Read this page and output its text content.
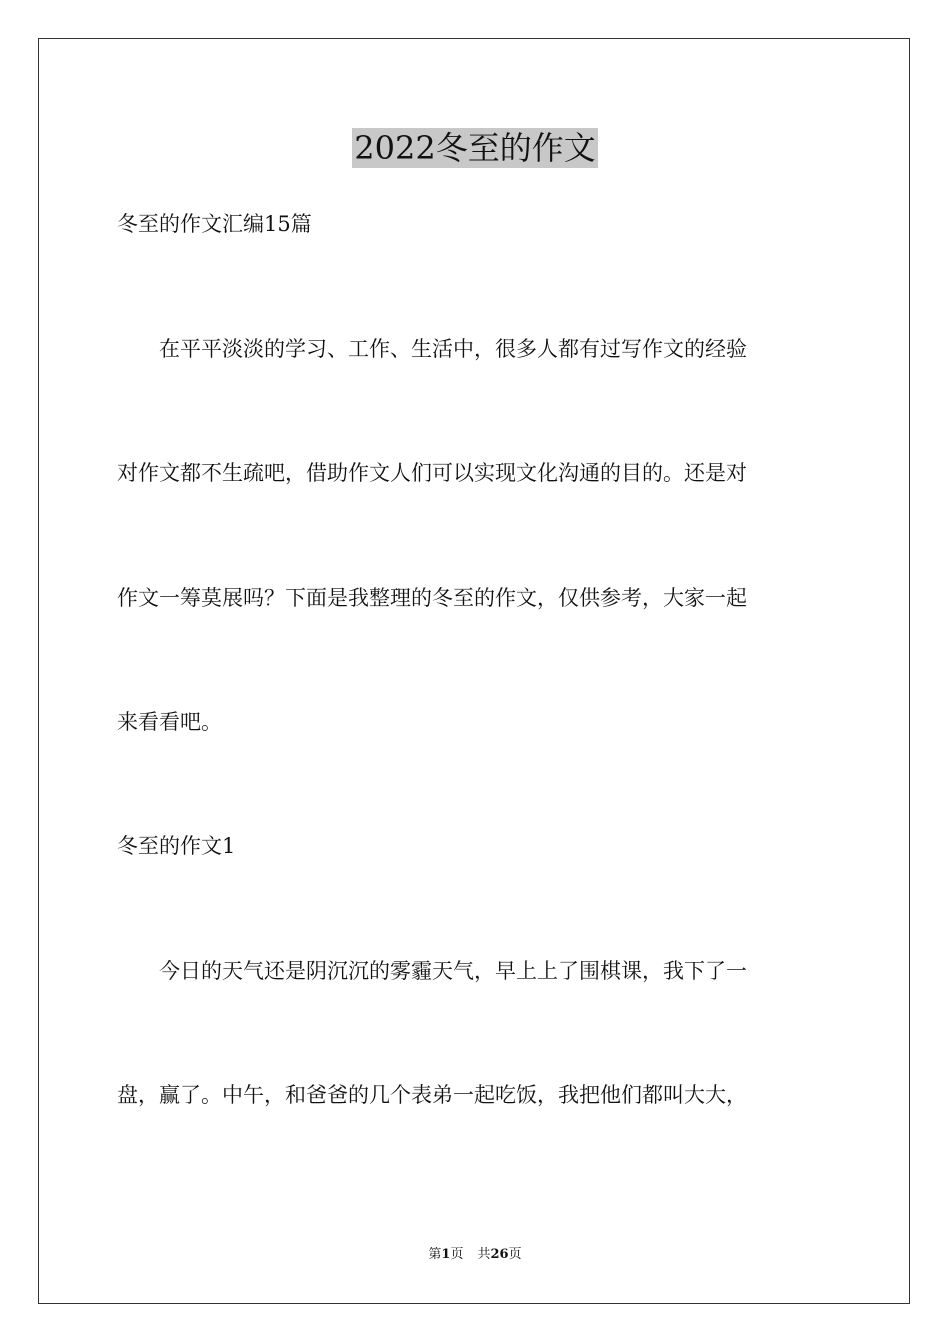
2022冬至的作文
冬至的作文汇编15篇
　　在平平淡淡的学习、工作、生活中，很多人都有过写作文的经验
对作文都不生疏吧，借助作文人们可以实现文化沟通的目的。还是对
作文一筹莫展吗？下面是我整理的冬至的作文，仅供参考，大家一起
来看看吧。
冬至的作文1
　　今日的天气还是阴沉沉的雾霾天气，早上上了围棋课，我下了一
盘，赢了。中午，和爸爸的几个表弟一起吃饭，我把他们都叫大大，
第1页 共26页
